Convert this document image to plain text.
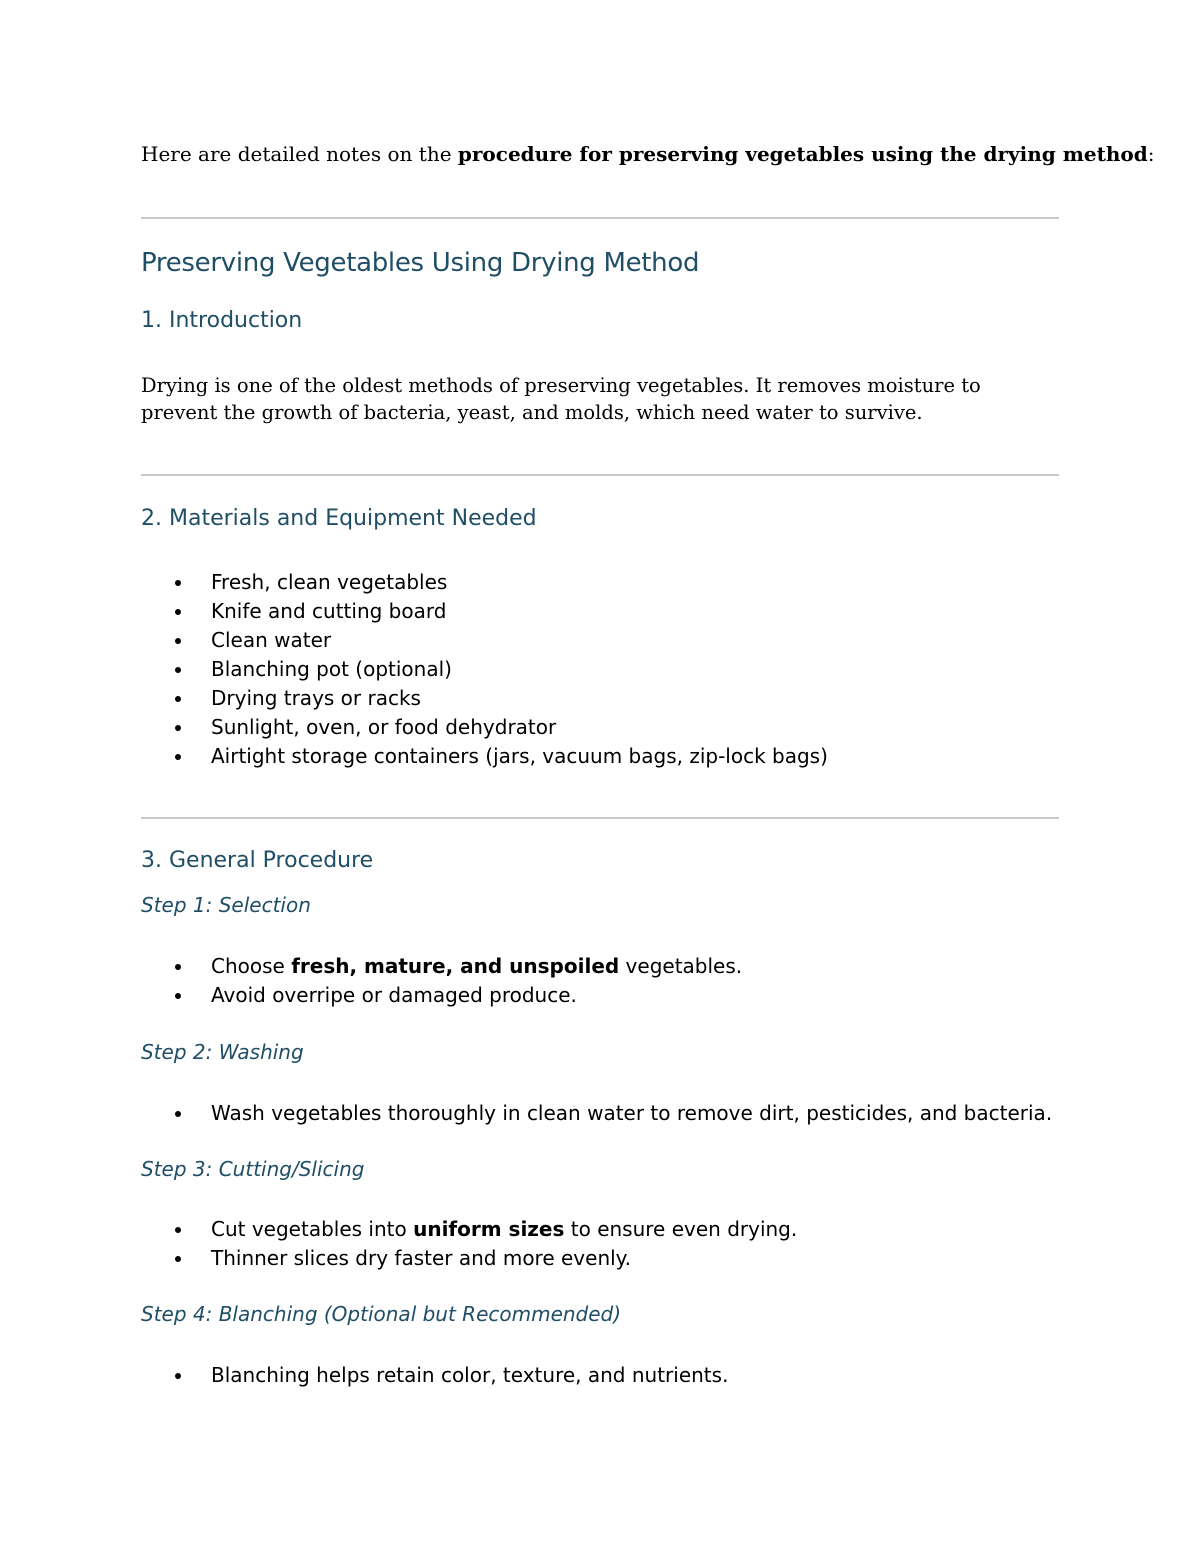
Here are detailed notes on the procedure for preserving vegetables using the drying method:
Preserving Vegetables Using Drying Method
1. Introduction
Drying is one of the oldest methods of preserving vegetables. It removes moisture to prevent the growth of bacteria, yeast, and molds, which need water to survive.
2. Materials and Equipment Needed
Fresh, clean vegetables
Knife and cutting board
Clean water
Blanching pot (optional)
Drying trays or racks
Sunlight, oven, or food dehydrator
Airtight storage containers (jars, vacuum bags, zip-lock bags)
3. General Procedure
Step 1: Selection
Choose fresh, mature, and unspoiled vegetables.
Avoid overripe or damaged produce.
Step 2: Washing
Wash vegetables thoroughly in clean water to remove dirt, pesticides, and bacteria.
Step 3: Cutting/Slicing
Cut vegetables into uniform sizes to ensure even drying.
Thinner slices dry faster and more evenly.
Step 4: Blanching (Optional but Recommended)
Blanching helps retain color, texture, and nutrients.
